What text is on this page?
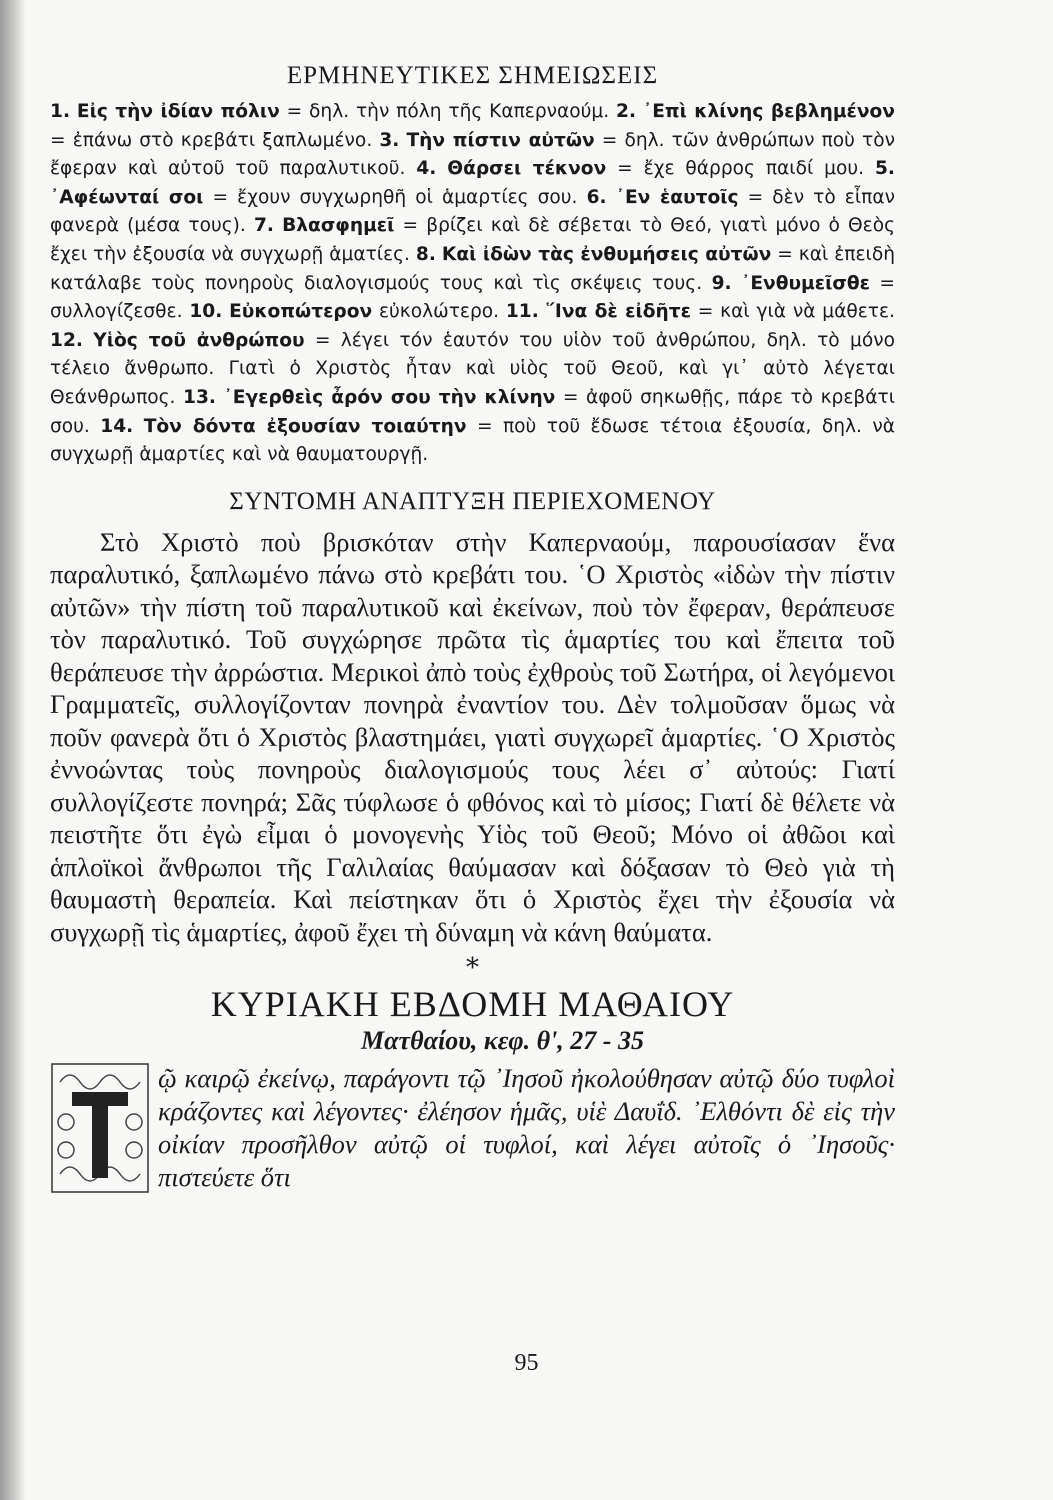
ΕΡΜΗΝΕΥΤΙΚΕΣ ΣΗΜΕΙΩΣΕΙΣ

1. Εἰς τὴν ἰδίαν πόλιν = δηλ. τὴν πόλη τῆς Καπερναούμ. 2. ᾿Επὶ κλίνης βεβλημένον = ἐπάνω στὸ κρεβάτι ξαπλωμένο. 3. Τὴν πίστιν αὐτῶν = δηλ. τῶν ἀνθρώπων ποὺ τὸν ἔφεραν καὶ αὐτοῦ τοῦ παραλυτικοῦ. 4. Θάρσει τέκνον = ἔχε θάρρος παιδί μου. 5. ᾿Αφέωνταί σοι = ἔχουν συγχωρηθῆ οἱ ἁμαρτίες σου. 6. ᾿Εν ἑαυτοῖς = δὲν τὸ εἶπαν φανερὰ (μέσα τους). 7. Βλασφημεῖ = βρίζει καὶ δὲ σέβεται τὸ Θεό, γιατὶ μόνο ὁ Θεὸς ἔχει τὴν ἐξουσία νὰ συγχωρῇ ἁματίες. 8. Καὶ ἰδὼν τὰς ἐνθυμήσεις αὐτῶν = καὶ ἐπειδὴ κατάλαβε τοὺς πονηροὺς διαλογισμούς τους καὶ τὶς σκέψεις τους. 9. ᾿Ενθυμεῖσθε = συλλογίζεσθε. 10. Εὐκοπώτερον εὐκολώτερο. 11. ῞Ινα δὲ εἰδῆτε = καὶ γιὰ νὰ μάθετε. 12. Υἱὸς τοῦ ἀνθρώπου = λέγει τόν ἑαυτόν του υἱὸν τοῦ ἀνθρώπου, δηλ. τὸ μόνο τέλειο ἄνθρωπο. Γιατὶ ὁ Χριστὸς ἦταν καὶ υἱὸς τοῦ Θεοῦ, καὶ γι᾿ αὐτὸ λέγεται Θεάνθρωπος. 13. ᾿Εγερθεὶς ἆρόν σου τὴν κλίνην = ἀφοῦ σηκωθῇς, πάρε τὸ κρεβάτι σου. 14. Τὸν δόντα ἐξουσίαν τοιαύτην = ποὺ τοῦ ἔδωσε τέτοια ἐξουσία, δηλ. νὰ συγχωρῇ ἁμαρτίες καὶ νὰ θαυματουργῇ.

ΣΥΝΤΟΜΗ ΑΝΑΠΤΥΞΗ ΠΕΡΙΕΧΟΜΕΝΟΥ

Στὸ Χριστὸ ποὺ βρισκόταν στὴν Καπερναούμ, παρουσίασαν ἕνα παραλυτικό, ξαπλωμένο πάνω στὸ κρεβάτι του. ῾Ο Χριστὸς «ἰδὼν τὴν πίστιν αὐτῶν» τὴν πίστη τοῦ παραλυτικοῦ καὶ ἐκείνων, ποὺ τὸν ἔφεραν, θεράπευσε τὸν παραλυτικό. Τοῦ συγχώρησε πρῶτα τὶς ἁμαρτίες του καὶ ἔπειτα τοῦ θεράπευσε τὴν ἀρρώστια. Μερικοὶ ἀπὸ τοὺς ἐχθροὺς τοῦ Σωτήρα, οἱ λεγόμενοι Γραμματεῖς, συλλογίζονταν πονηρὰ ἐναντίον του. Δὲν τολμοῦσαν ὅμως νὰ ποῦν φανερὰ ὅτι ὁ Χριστὸς βλαστημάει, γιατὶ συγχωρεῖ ἁμαρτίες. ῾Ο Χριστὸς ἐννοώντας τοὺς πονηροὺς διαλογισμούς τους λέει σ᾿ αὐτούς: Γιατί συλλογίζεστε πονηρά; Σᾶς τύφλωσε ὁ φθόνος καὶ τὸ μίσος; Γιατί δὲ θέλετε νὰ πειστῆτε ὅτι ἐγὼ εἶμαι ὁ μονογενὴς Υἱὸς τοῦ Θεοῦ; Μόνο οἱ ἀθῶοι καὶ ἁπλοϊκοὶ ἄνθρωποι τῆς Γαλιλαίας θαύμασαν καὶ δόξασαν τὸ Θεὸ γιὰ τὴ θαυμαστὴ θεραπεία. Καὶ πείστηκαν ὅτι ὁ Χριστὸς ἔχει τὴν ἐξουσία νὰ συγχωρῇ τὶς ἁμαρτίες, ἀφοῦ ἔχει τὴ δύναμη νὰ κάνη θαύματα.

*
ΚΥΡΙΑΚΗ ΕΒΔΟΜΗ ΜΑΘΑΙΟΥ
Ματθαίου, κεφ. θ', 27 - 35
T

ῷ καιρῷ ἐκείνῳ, παράγοντι τῷ ᾿Ιησοῦ ἠκολούθησαν αὐτῷ δύο τυφλοὶ κράζοντες καὶ λέγοντες· ἐλέησον ἡμᾶς, υἱὲ Δαυΐδ. ᾿Ελθόντι δὲ εἰς τὴν οἰκίαν προσῆλθον αὐτῷ οἱ τυφλοί, καὶ λέγει αὐτοῖς ὁ ᾿Ιησοῦς· πιστεύετε ὅτι

95
